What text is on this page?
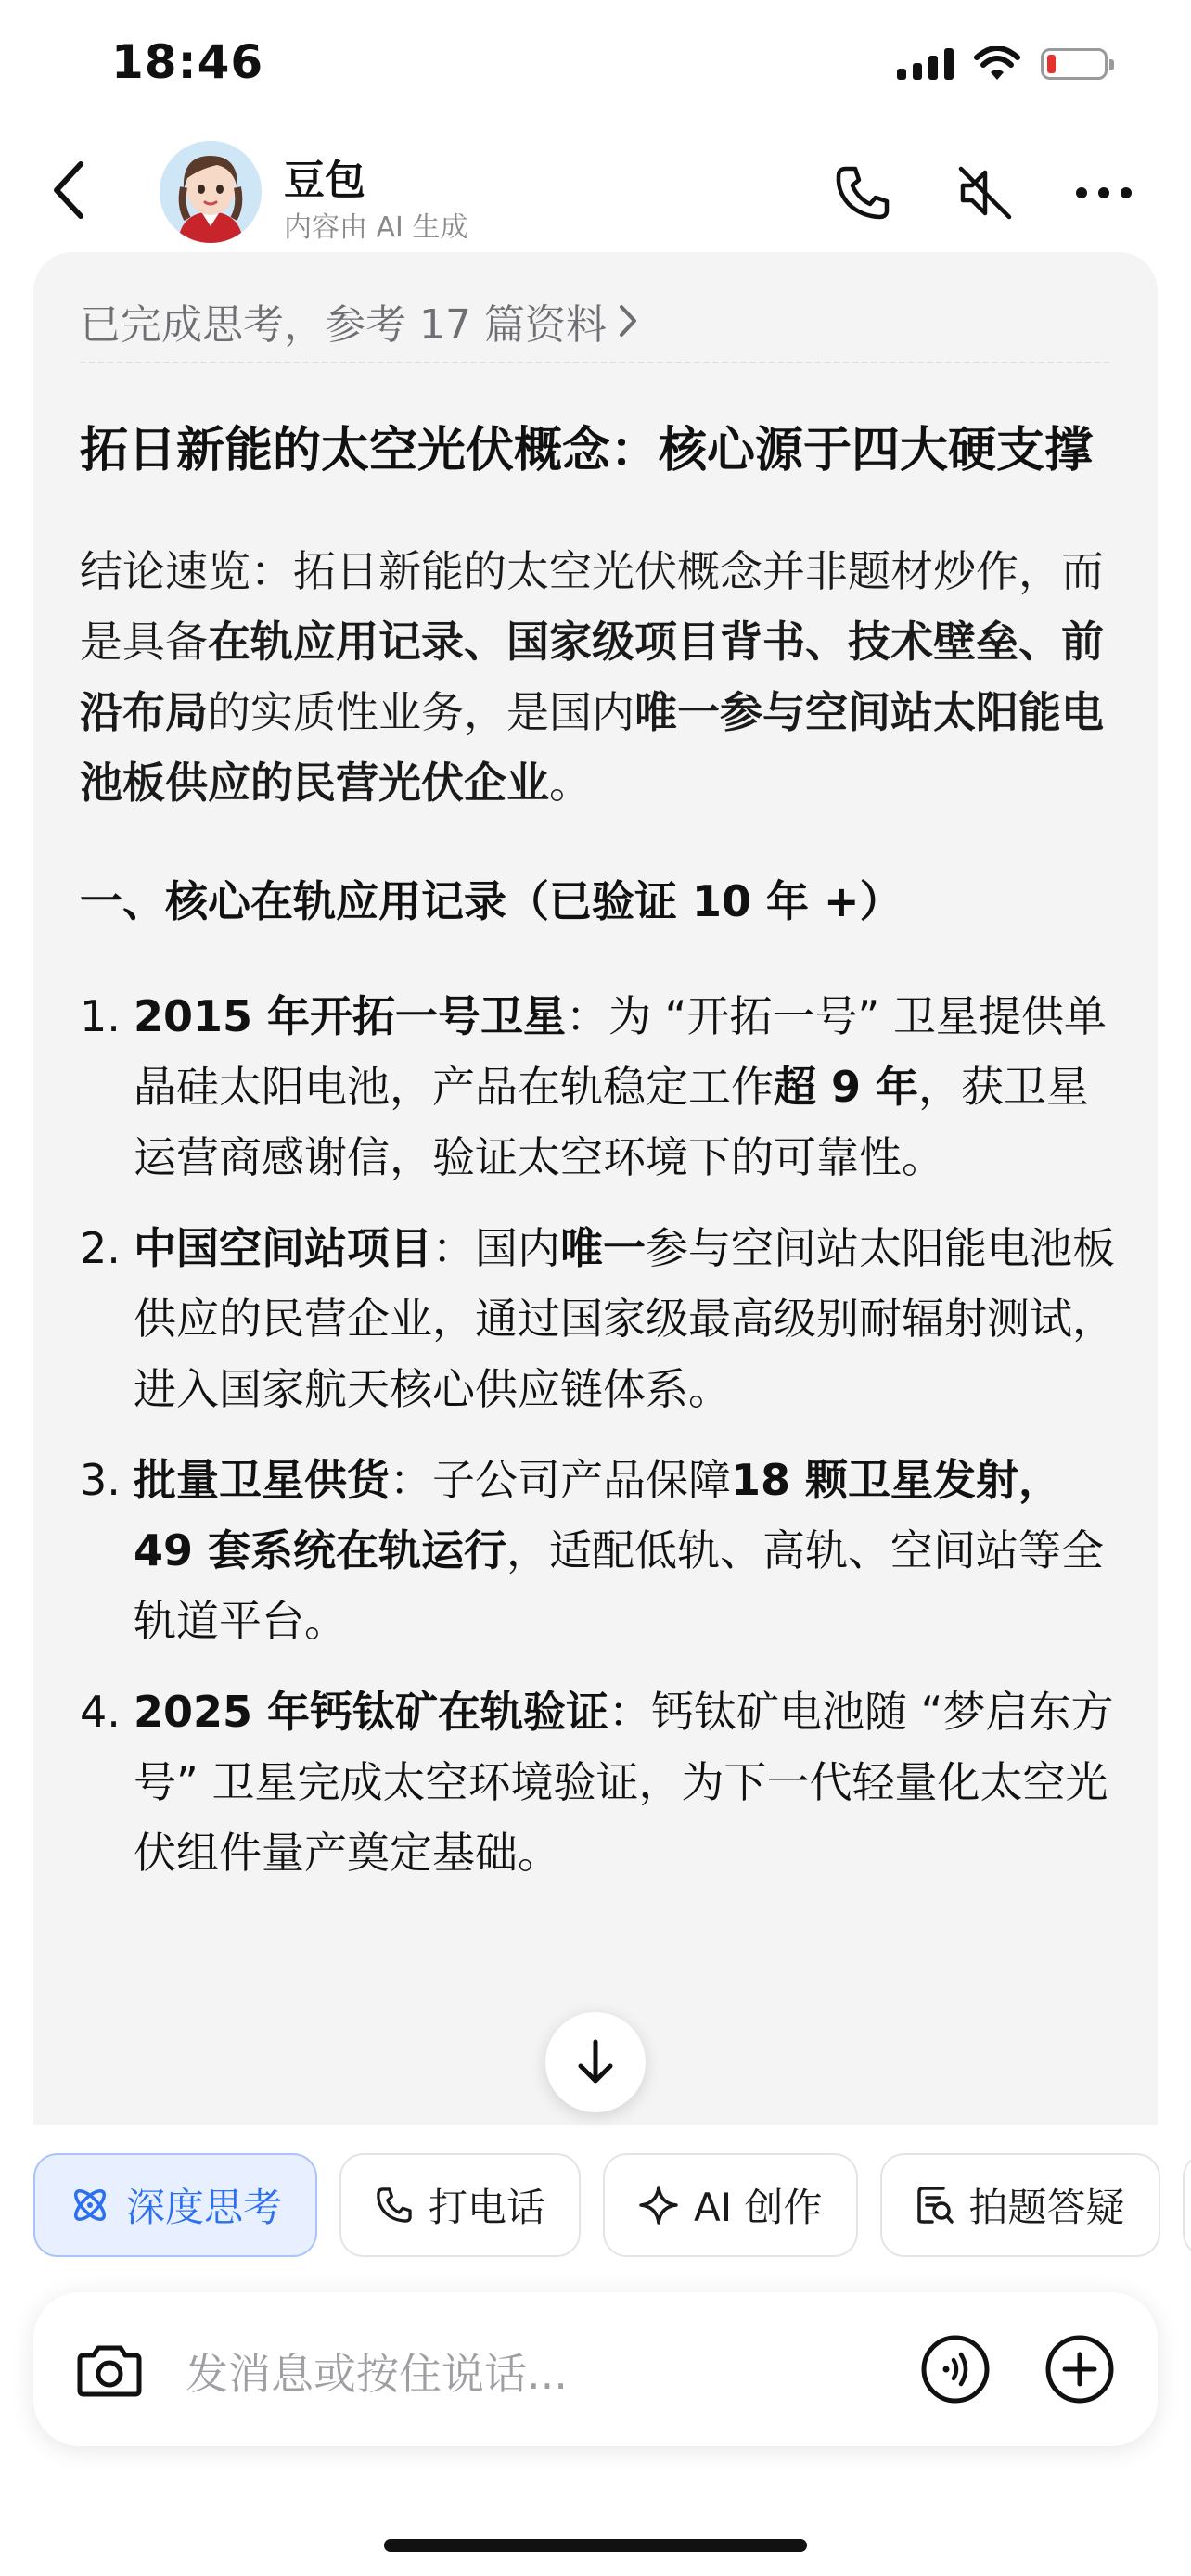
18:46
豆包
内容由 AI 生成
已完成思考，参考 17 篇资料
拓日新能的太空光伏概念：核心源于四大硬支撑
结论速览：拓日新能的太空光伏概念并非题材炒作，而是具备在轨应用记录、国家级项目背书、技术壁垒、前沿布局的实质性业务，是国内唯一参与空间站太阳能电池板供应的民营光伏企业。
一、核心在轨应用记录（已验证 10 年 +）
1. 2015 年开拓一号卫星：为 “开拓一号” 卫星提供单晶硅太阳电池，产品在轨稳定工作超 9 年，获卫星运营商感谢信，验证太空环境下的可靠性。
2. 中国空间站项目：国内唯一参与空间站太阳能电池板供应的民营企业，通过国家级最高级别耐辐射测试，进入国家航天核心供应链体系。
3. 批量卫星供货：子公司产品保障18 颗卫星发射，49 套系统在轨运行，适配低轨、高轨、空间站等全轨道平台。
4. 2025 年钙钛矿在轨验证：钙钛矿电池随 “梦启东方号” 卫星完成太空环境验证，为下一代轻量化太空光伏组件量产奠定基础。
深度思考	打电话	AI 创作	拍题答疑
发消息或按住说话...
